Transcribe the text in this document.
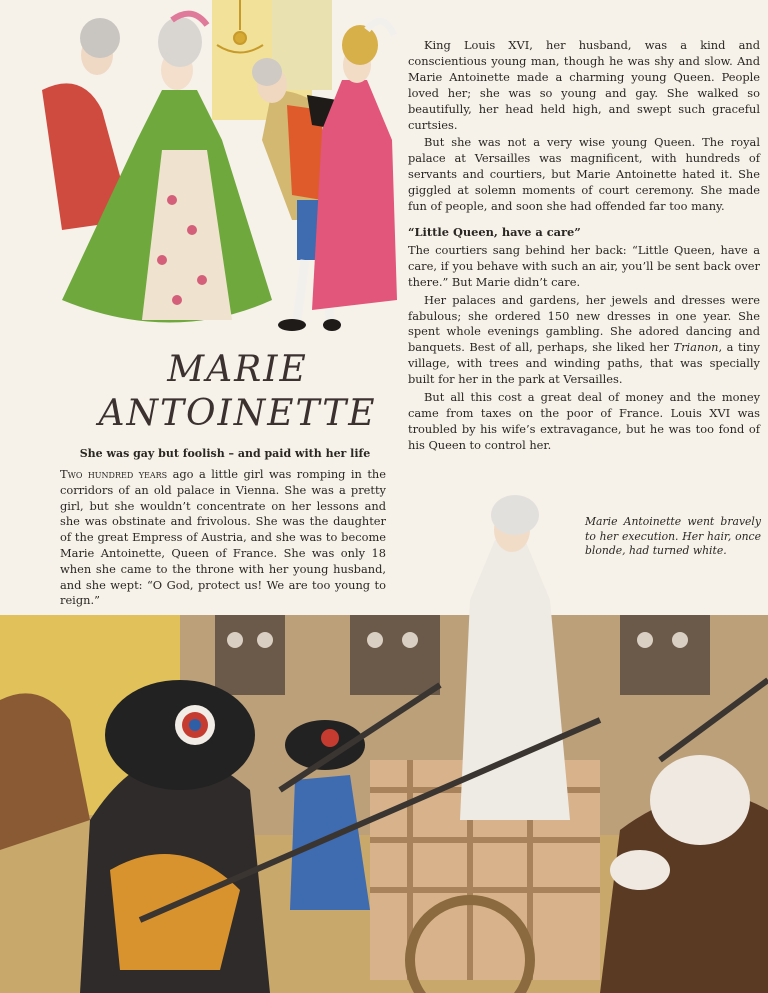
MARIE
ANTOINETTE
She was gay but foolish – and paid with her life
Two hundred years ago a little girl was romping in the corridors of an old palace in Vienna. She was a pretty girl, but she wouldn’t concentrate on her lessons and she was obstinate and frivolous. She was the daughter of the great Empress of Austria, and she was to become Marie Antoinette, Queen of France. She was only 18 when she came to the throne with her young husband, and she wept: “O God, protect us! We are too young to reign.”

King Louis XVI, her husband, was a kind and conscientious young man, though he was shy and slow. And Marie Antoinette made a charming young Queen. People loved her; she was so young and gay. She walked so beautifully, her head held high, and swept such graceful curtsies.

But she was not a very wise young Queen. The royal palace at Versailles was magnificent, with hundreds of servants and courtiers, but Marie Antoinette hated it. She giggled at solemn moments of court ceremony. She made fun of people, and soon she had offended far too many.

“Little Queen, have a care”

The courtiers sang behind her back: “Little Queen, have a care, if you behave with such an air, you’ll be sent back over there.” But Marie didn’t care.

Her palaces and gardens, her jewels and dresses were fabulous; she ordered 150 new dresses in one year. She spent whole evenings gambling. She adored dancing and banquets. Best of all, perhaps, she liked her Trianon, a tiny village, with trees and winding paths, that was specially built for her in the park at Versailles.

But all this cost a great deal of money and the money came from taxes on the poor of France. Louis XVI was troubled by his wife’s extravagance, but he was too fond of his Queen to control her.

Marie Antoinette went bravely to her execution. Her hair, once blonde, had turned white.
